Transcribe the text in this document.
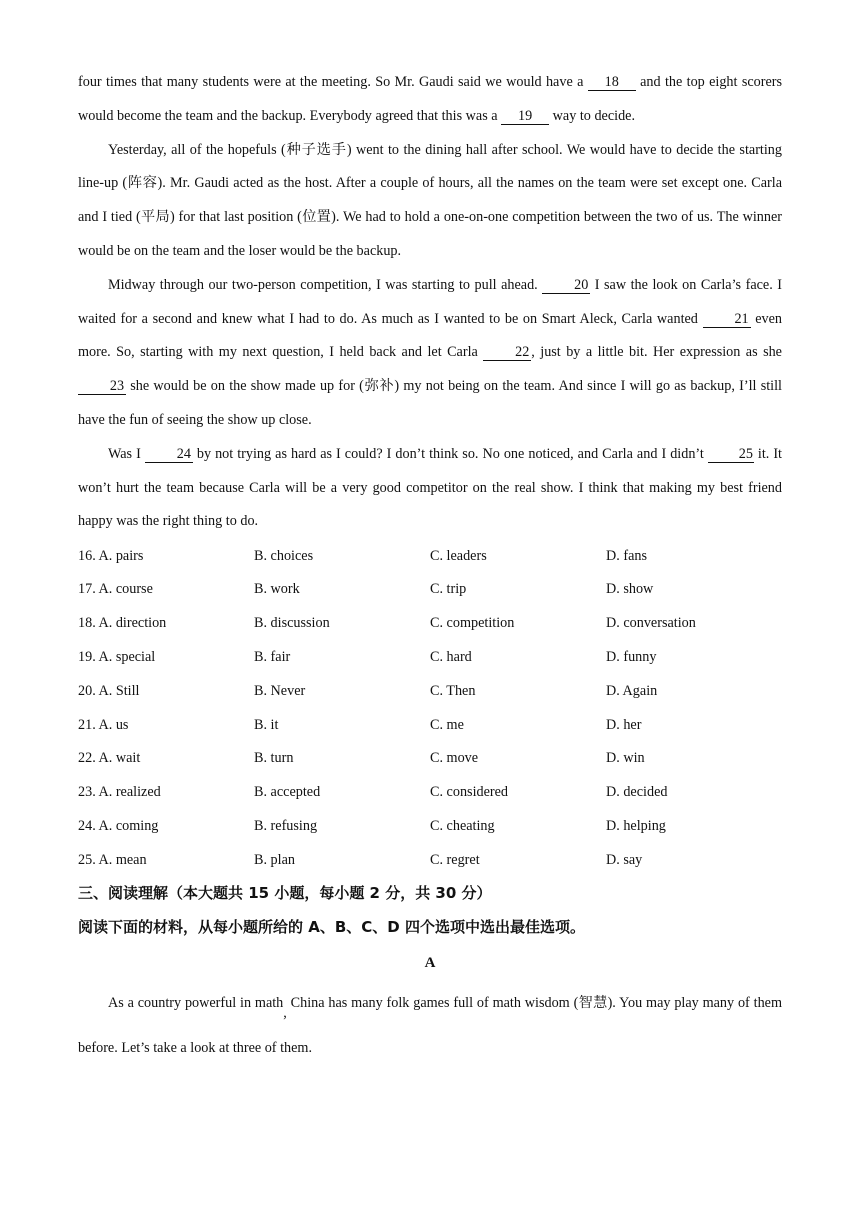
four times that many students were at the meeting. So Mr. Gaudi said we would have a 18 and the top eight scorers would become the team and the backup. Everybody agreed that this was a 19 way to decide.

Yesterday, all of the hopefuls (种子选手) went to the dining hall after school. We would have to decide the starting line-up (阵容). Mr. Gaudi acted as the host. After a couple of hours, all the names on the team were set except one. Carla and I tied (平局) for that last position (位置). We had to hold a one-on-one competition between the two of us. The winner would be on the team and the loser would be the backup.

Midway through our two-person competition, I was starting to pull ahead. 20 I saw the look on Carla’s face. I waited for a second and knew what I had to do. As much as I wanted to be on Smart Aleck, Carla wanted 21 even more. So, starting with my next question, I held back and let Carla 22 , just by a little bit. Her expression as she 23 she would be on the show made up for (弥补) my not being on the team. And since I will go as backup, I’ll still have the fun of seeing the show up close.

Was I 24 by not trying as hard as I could? I don’t think so. No one noticed, and Carla and I didn’t 25 it. It won’t hurt the team because Carla will be a very good competitor on the real show. I think that making my best friend happy was the right thing to do.

16. A. pairs	B. choices	C. leaders	D. fans
17. A. course	B. work	C. trip	D. show
18. A. direction	B. discussion	C. competition	D. conversation
19. A. special	B. fair	C. hard	D. funny
20. A. Still	B. Never	C. Then	D. Again
21. A. us	B. it	C. me	D. her
22. A. wait	B. turn	C. move	D. win
23. A. realized	B. accepted	C. considered	D. decided
24. A. coming	B. refusing	C. cheating	D. helping
25. A. mean	B. plan	C. regret	D. say

三、阅读理解（本大题共 15 小题，每小题 2 分，共 30 分）

阅读下面的材料，从每小题所给的 A、B、C、D 四个选项中选出最佳选项。

A

As a country powerful in math, China has many folk games full of math wisdom (智慧). You may play many of them before. Let’s take a look at three of them.
